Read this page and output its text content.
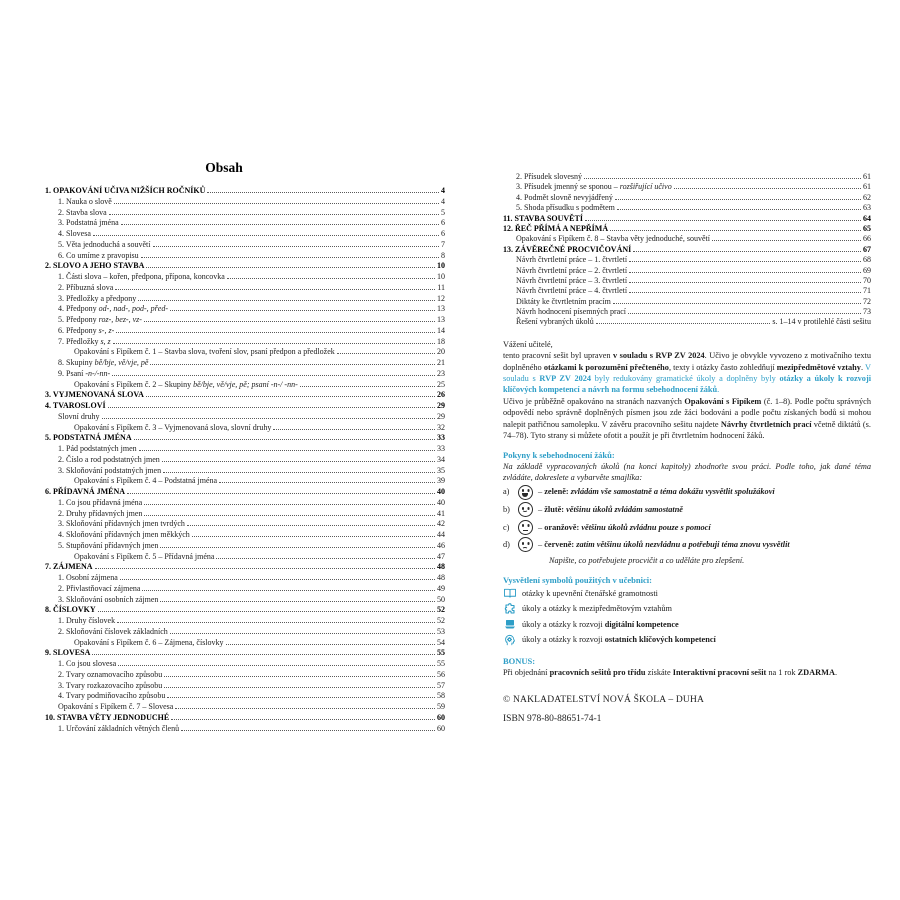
Obsah
1. OPAKOVÁNÍ UČIVA NIŽŠÍCH ROČNÍKŮ	4
1. Nauka o slově	4
2. Stavba slova	5
3. Podstatná jména	6
4. Slovesa	6
5. Věta jednoduchá a souvětí	7
6. Co umíme z pravopisu	8
2. SLOVO A JEHO STAVBA	10
1. Části slova – kořen, předpona, přípona, koncovka	10
2. Příbuzná slova	11
3. Předložky a předpony	12
4. Předpony od-, nad-, pod-, před-	13
5. Předpony roz-, bez-, vz-	13
6. Předpony s-, z-	14
7. Předložky s, z	18
Opakování s Fipíkem č. 1 – Stavba slova, tvoření slov, psaní předpon a předložek	20
8. Skupiny bě/bje, vě/vje, pě	21
9. Psaní -n-/-nn-	23
Opakování s Fipíkem č. 2 – Skupiny bě/bje, vě/vje, pě; psaní -n-/ -nn-	25
3. VYJMENOVANÁ SLOVA	26
4. TVAROSLOVÍ	29
Slovní druhy	29
Opakování s Fipíkem č. 3 – Vyjmenovaná slova, slovní druhy	32
5. PODSTATNÁ JMÉNA	33
1. Pád podstatných jmen	33
2. Číslo a rod podstatných jmen	34
3. Skloňování podstatných jmen	35
Opakování s Fipíkem č. 4 – Podstatná jména	39
6. PŘÍDAVNÁ JMÉNA	40
1. Co jsou přídavná jména	40
2. Druhy přídavných jmen	41
3. Skloňování přídavných jmen tvrdých	42
4. Skloňování přídavných jmen měkkých	44
5. Stupňování přídavných jmen	46
Opakování s Fipíkem č. 5 – Přídavná jména	47
7. ZÁJMENA	48
1. Osobní zájmena	48
2. Přivlastňovací zájmena	49
3. Skloňování osobních zájmen	50
8. ČÍSLOVKY	52
1. Druhy číslovek	52
2. Skloňování číslovek základních	53
Opakování s Fipíkem č. 6 – Zájmena, číslovky	54
9. SLOVESA	55
1. Co jsou slovesa	55
2. Tvary oznamovacího způsobu	56
3. Tvary rozkazovacího způsobu	57
4. Tvary podmiňovacího způsobu	58
Opakování s Fipíkem č. 7 – Slovesa	59
10. STAVBA VĚTY JEDNODUCHÉ	60
1. Určování základních větných členů	60
2. Přísudek slovesný	61
3. Přísudek jmenný se sponou – rozšiřující učivo	61
4. Podmět slovně nevyjádřený	62
5. Shoda přísudku s podmětem	63
11. STAVBA SOUVĚTÍ	64
12. ŘEČ PŘÍMÁ A NEPŘÍMÁ	65
Opakování s Fipíkem č. 8 – Stavba věty jednoduché, souvětí	66
13. ZÁVĚREČNÉ PROCVIČOVÁNÍ	67
Návrh čtvrtletní práce – 1. čtvrtletí	68
Návrh čtvrtletní práce – 2. čtvrtletí	69
Návrh čtvrtletní práce – 3. čtvrtletí	70
Návrh čtvrtletní práce – 4. čtvrtletí	71
Diktáty ke čtvrtletním pracím	72
Návrh hodnocení písemných prací	73
Řešení vybraných úkolů	s. 1–14 v protilehlé části sešitu
Vážení učitelé,

tento pracovní sešit byl upraven v souladu s RVP ZV 2024. Učivo je obvykle vyvozeno z motivačního textu doplněného otázkami k porozumění přečteného, texty i otázky často zohledňují mezipředmětové vztahy. V souladu s RVP ZV 2024 byly redukovány gramatické úkoly a doplněny byly otázky a úkoly k rozvoji klíčových kompetencí a návrh na formu sebehodnocení žáků.

Učivo je průběžně opakováno na stranách nazvaných Opakování s Fipíkem (č. 1–8). Podle počtu správných odpovědí nebo správně doplněných písmen jsou zde žáci bodováni a podle počtu získaných bodů si mohou nalepit patřičnou samolepku. V závěru pracovního sešitu najdete Návrhy čtvrtletních prací včetně diktátů (s. 74–78). Tyto strany si můžete ofotit a použít je při čtvrtletním hodnocení žáků.

Pokyny k sebehodnocení žáků:

Na základě vypracovaných úkolů (na konci kapitoly) zhodnoťte svou práci. Podle toho, jak dané téma zvládáte, dokreslete a vybarvěte smajlíka:

a)	– zeleně: zvládám vše samostatně a téma dokážu vysvětlit spolužákovi
b)	– žlutě: většinu úkolů zvládám samostatně
c)	– oranžově: většinu úkolů zvládnu pouze s pomocí
d)	– červeně: zatím většinu úkolů nezvládnu a potřebuji téma znovu vysvětlit

Napište, co potřebujete procvičit a co uděláte pro zlepšení.

Vysvětlení symbolů použitých v učebnici:
otázky k upevnění čtenářské gramotnosti
úkoly a otázky k mezipředmětovým vztahům
úkoly a otázky k rozvoji digitální kompetence
úkoly a otázky k rozvoji ostatních klíčových kompetencí
BONUS:

Při objednání pracovních sešitů pro třídu získáte Interaktivní pracovní sešit na 1 rok ZDARMA.

© NAKLADATELSTVÍ NOVÁ ŠKOLA – DUHA
ISBN 978-80-88651-74-1
